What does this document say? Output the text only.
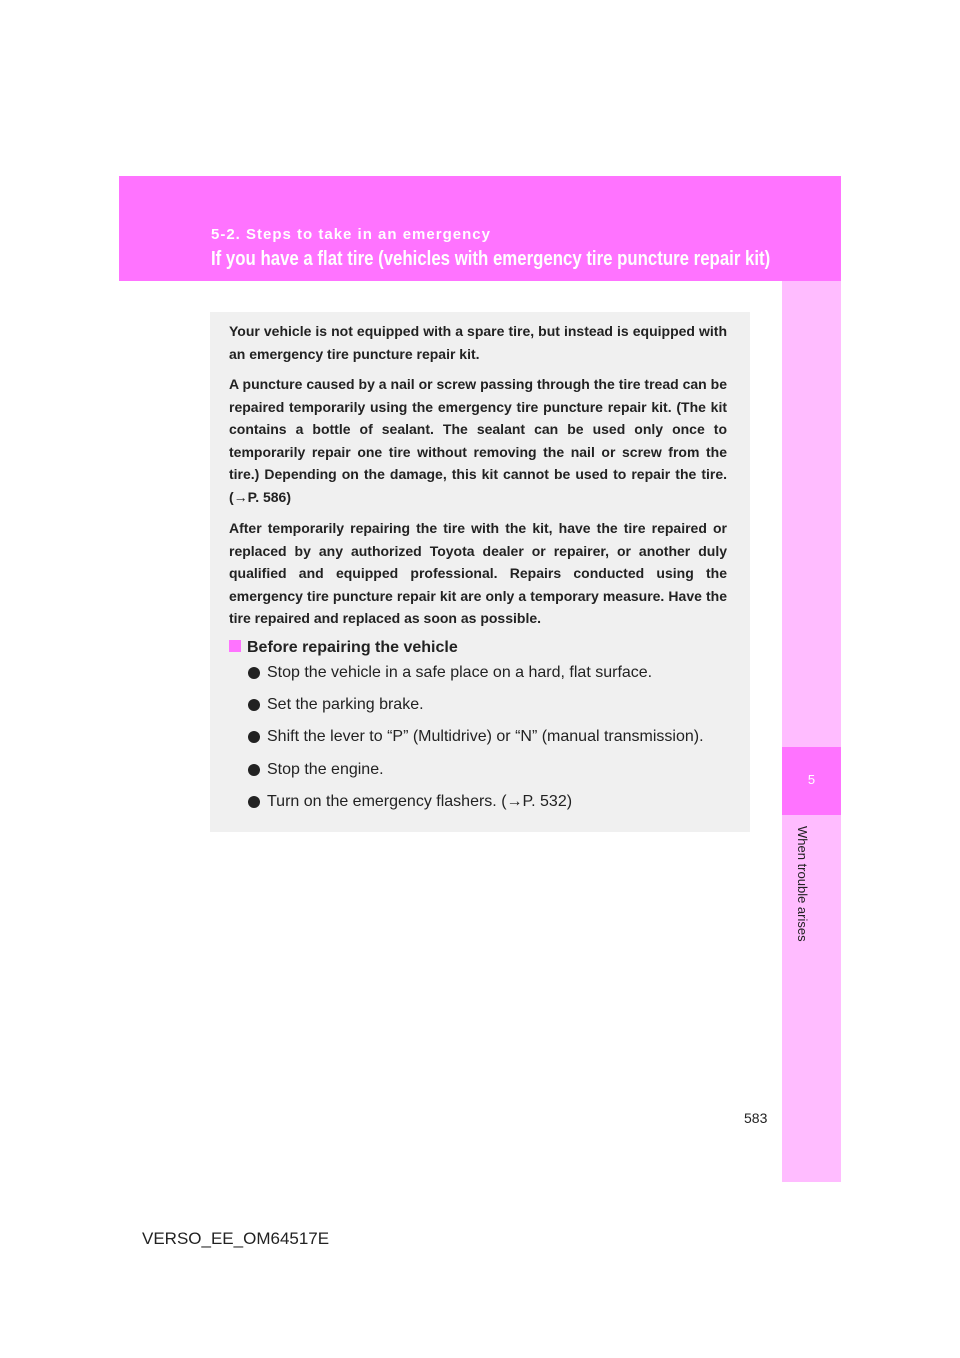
5-2. Steps to take in an emergency
If you have a flat tire (vehicles with emergency tire puncture repair kit)
5
When trouble arises

Your vehicle is not equipped with a spare tire, but instead is equipped with an emergency tire puncture repair kit.

A puncture caused by a nail or screw passing through the tire tread can be repaired temporarily using the emergency tire puncture repair kit. (The kit contains a bottle of sealant. The sealant can be used only once to temporarily repair one tire without removing the nail or screw from the tire.) Depending on the damage, this kit cannot be used to repair the tire. (→P. 586)

After temporarily repairing the tire with the kit, have the tire repaired or replaced by any authorized Toyota dealer or repairer, or another duly qualified and equipped professional. Repairs conducted using the emergency tire puncture repair kit are only a temporary measure. Have the tire repaired and replaced as soon as possible.

Before repairing the vehicle
Stop the vehicle in a safe place on a hard, flat surface.
Set the parking brake.
Shift the lever to “P” (Multidrive) or “N” (manual transmission).
Stop the engine.
Turn on the emergency flashers. (→P. 532)
583
VERSO_EE_OM64517E
